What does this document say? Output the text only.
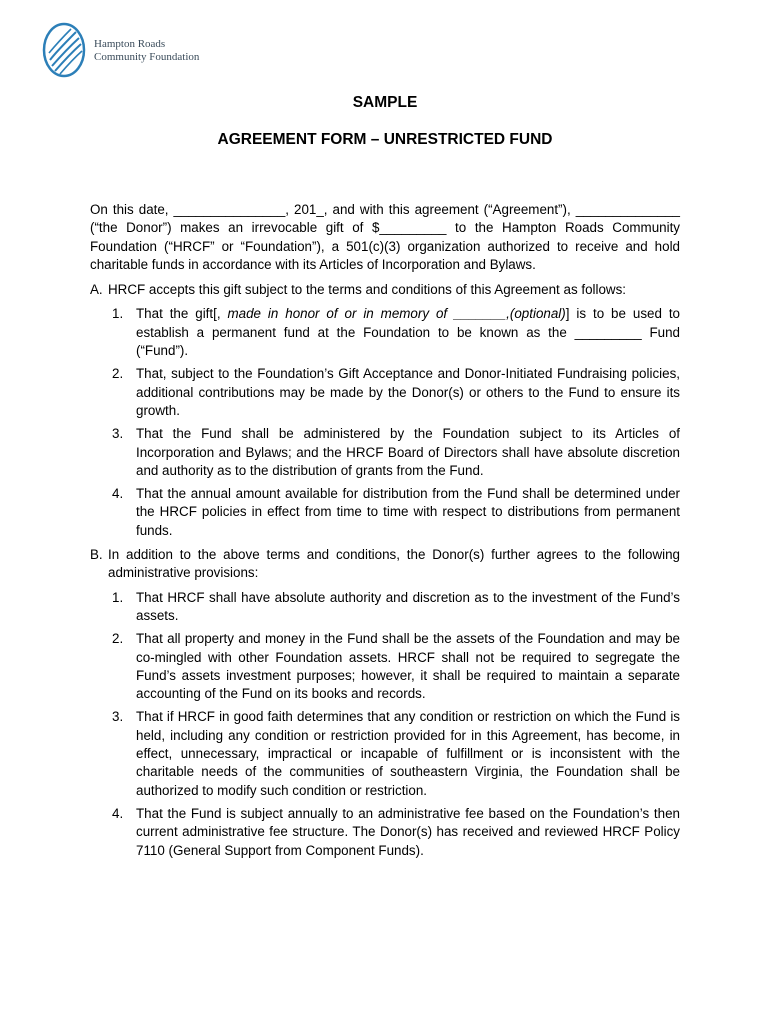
Hampton Roads
Community Foundation
SAMPLE
AGREEMENT FORM – UNRESTRICTED FUND

On this date, _______________, 201_, and with this agreement (“Agreement”), ______________ (“the Donor”) makes an irrevocable gift of $_________ to the Hampton Roads Community Foundation (“HRCF” or “Foundation”), a 501(c)(3) organization authorized to receive and hold charitable funds in accordance with its Articles of Incorporation and Bylaws.

A. HRCF accepts this gift subject to the terms and conditions of this Agreement as follows:
1. That the gift[, made in honor of or in memory of _______,(optional)] is to be used to establish a permanent fund at the Foundation to be known as the _________ Fund (“Fund”).
2. That, subject to the Foundation’s Gift Acceptance and Donor-Initiated Fundraising policies, additional contributions may be made by the Donor(s) or others to the Fund to ensure its growth.
3. That the Fund shall be administered by the Foundation subject to its Articles of Incorporation and Bylaws; and the HRCF Board of Directors shall have absolute discretion and authority as to the distribution of grants from the Fund.
4. That the annual amount available for distribution from the Fund shall be determined under the HRCF policies in effect from time to time with respect to distributions from permanent funds.
B. In addition to the above terms and conditions, the Donor(s) further agrees to the following administrative provisions:
1. That HRCF shall have absolute authority and discretion as to the investment of the Fund’s assets.
2. That all property and money in the Fund shall be the assets of the Foundation and may be co-mingled with other Foundation assets. HRCF shall not be required to segregate the Fund’s assets investment purposes; however, it shall be required to maintain a separate accounting of the Fund on its books and records.
3. That if HRCF in good faith determines that any condition or restriction on which the Fund is held, including any condition or restriction provided for in this Agreement, has become, in effect, unnecessary, impractical or incapable of fulfillment or is inconsistent with the charitable needs of the communities of southeastern Virginia, the Foundation shall be authorized to modify such condition or restriction.
4. That the Fund is subject annually to an administrative fee based on the Foundation’s then current administrative fee structure. The Donor(s) has received and reviewed HRCF Policy 7110 (General Support from Component Funds).
